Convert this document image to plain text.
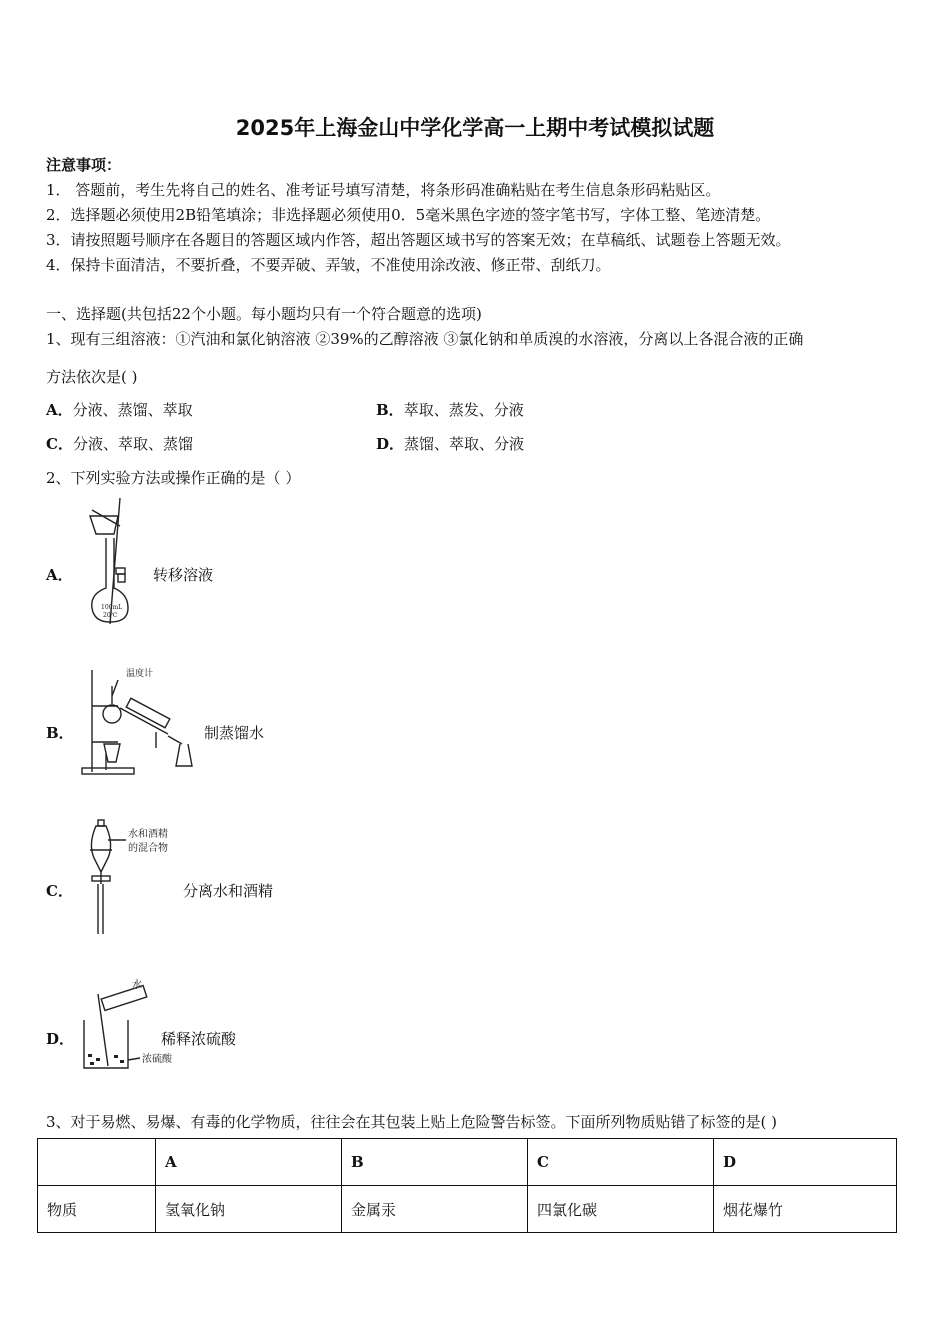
2025年上海金山中学化学高一上期中考试模拟试题
注意事项：
1． 答题前，考生先将自己的姓名、准考证号填写清楚，将条形码准确粘贴在考生信息条形码粘贴区。
2．选择题必须使用2B铅笔填涂；非选择题必须使用0．5毫米黑色字迹的签字笔书写，字体工整、笔迹清楚。
3．请按照题号顺序在各题目的答题区域内作答，超出答题区域书写的答案无效；在草稿纸、试题卷上答题无效。
4．保持卡面清洁，不要折叠，不要弄破、弄皱，不准使用涂改液、修正带、刮纸刀。
一、选择题(共包括22个小题。每小题均只有一个符合题意的选项)
1、现有三组溶液：①汽油和氯化钠溶液 ②39%的乙醇溶液 ③氯化钠和单质溴的水溶液，分离以上各混合液的正确
方法依次是( )
A．分液、蒸馏、萃取	B．萃取、蒸发、分液
C．分液、萃取、蒸馏	D．蒸馏、萃取、分液
2、下列实验方法或操作正确的是（ ）
A．	转移溶液
100mL
20℃
B．	制蒸馏水
温度计
C．	分离水和酒精
水和酒精
的混合物
D．	稀释浓硫酸
水
浓硫酸
3、对于易燃、易爆、有毒的化学物质，往往会在其包装上贴上危险警告标签。下面所列物质贴错了标签的是( )
	A	B	C	D
物质	氢氧化钠	金属汞	四氯化碳	烟花爆竹
